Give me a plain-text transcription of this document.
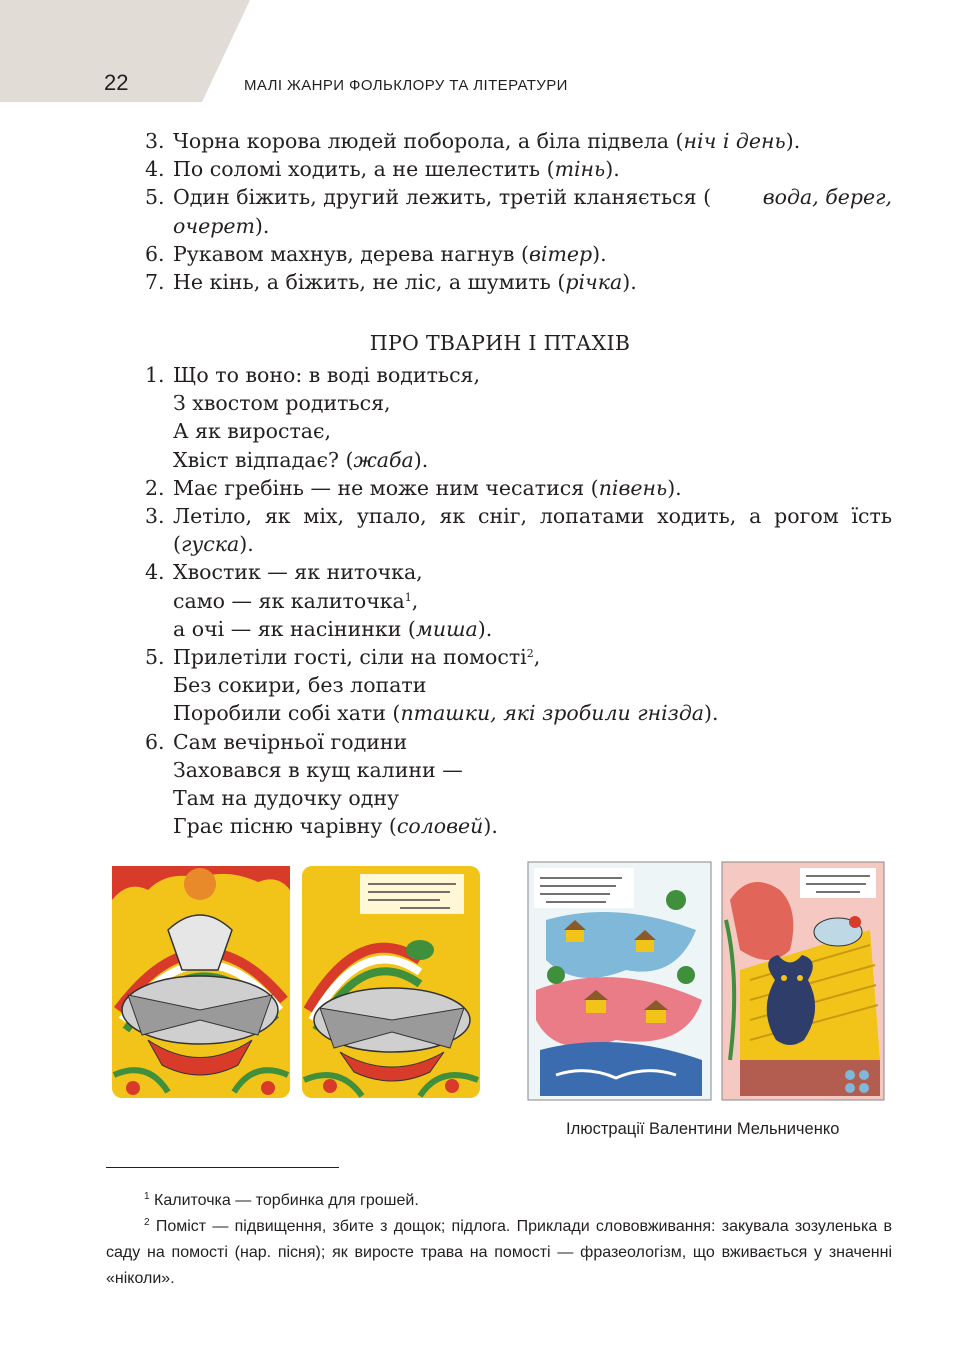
22	МАЛІ ЖАНРИ ФОЛЬКЛОРУ ТА ЛІТЕРАТУРИ
3. Чорна корова людей поборола, а біла підвела (ніч і день).
4. По соломі ходить, а не шелестить (тінь).
5. Один біжить, другий лежить, третій кланяється (	вода, берег,
очерет).
6. Рукавом махнув, дерева нагнув (вітер).
7. Не кінь, а біжить, не ліс, а шумить (річка).
ПРО ТВАРИН І ПТАХІВ
1. Що то воно: в воді водиться,
З хвостом родиться,
А як виростає,
Хвіст відпадає? (жаба).
2. Має гребінь — не може ним чесатися (півень).
3. Летіло, як міх, упало, як сніг, лопатами ходить, а рогом їсть
(гуска).
4. Хвостик — як ниточка,
само — як калиточка$^1$,
а очі — як насінинки (миша).
5. Прилетіли гості, сіли на помості$^2$,
Без сокири, без лопати
Поробили собі хати (пташки, які зробили гнізда).
6. Сам вечірньої години
Заховався в кущ калини —
Там на дудочку одну
Грає пісню чарівну (соловей).
Ілюстрації Валентини Мельниченко
$^1$ Калиточка — торбинка для грошей.
$^2$ Поміст — підвищення, збите з дощок; підлога. Приклади слововживання: закувала зозуленька в саду на помості (нар. пісня); як виросте трава на помості — фразеологізм, що вживається у значенні «ніколи».
